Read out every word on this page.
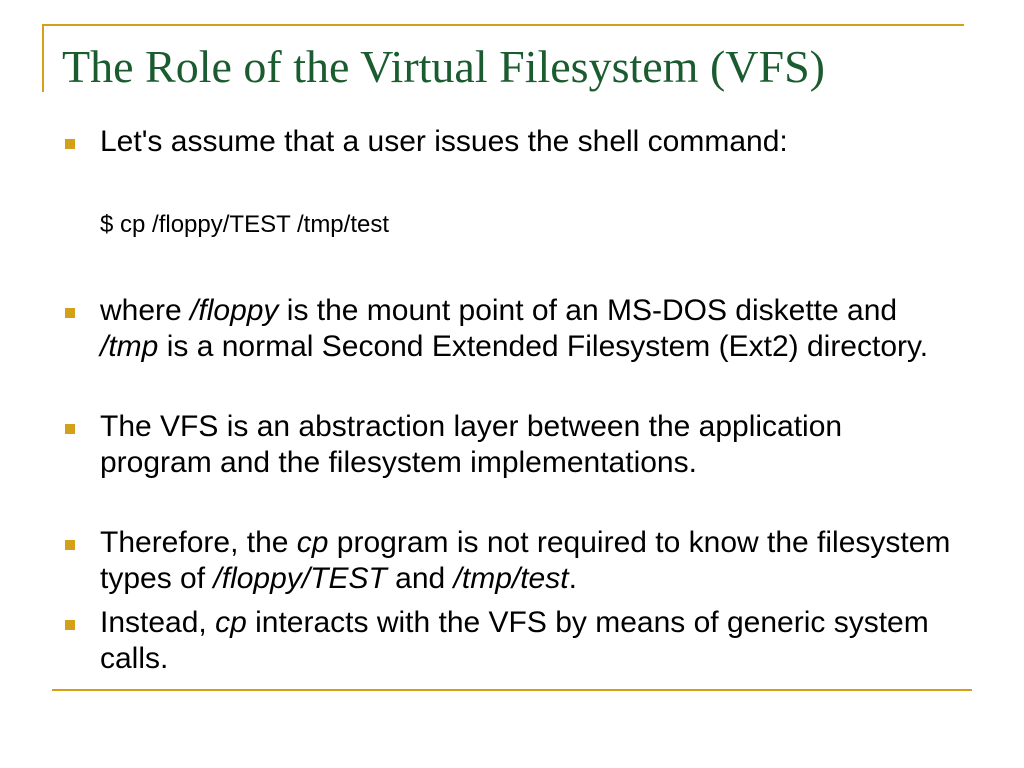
The Role of the Virtual Filesystem (VFS)

Let's assume that a user issues the shell command:

$ cp /floppy/TEST /tmp/test

where /floppy is the mount point of an MS-DOS diskette and /tmp is a normal Second Extended Filesystem (Ext2) directory.

The VFS is an abstraction layer between the application program and the filesystem implementations.

Therefore, the cp program is not required to know the filesystem types of /floppy/TEST and /tmp/test.

Instead, cp interacts with the VFS by means of generic system calls.
